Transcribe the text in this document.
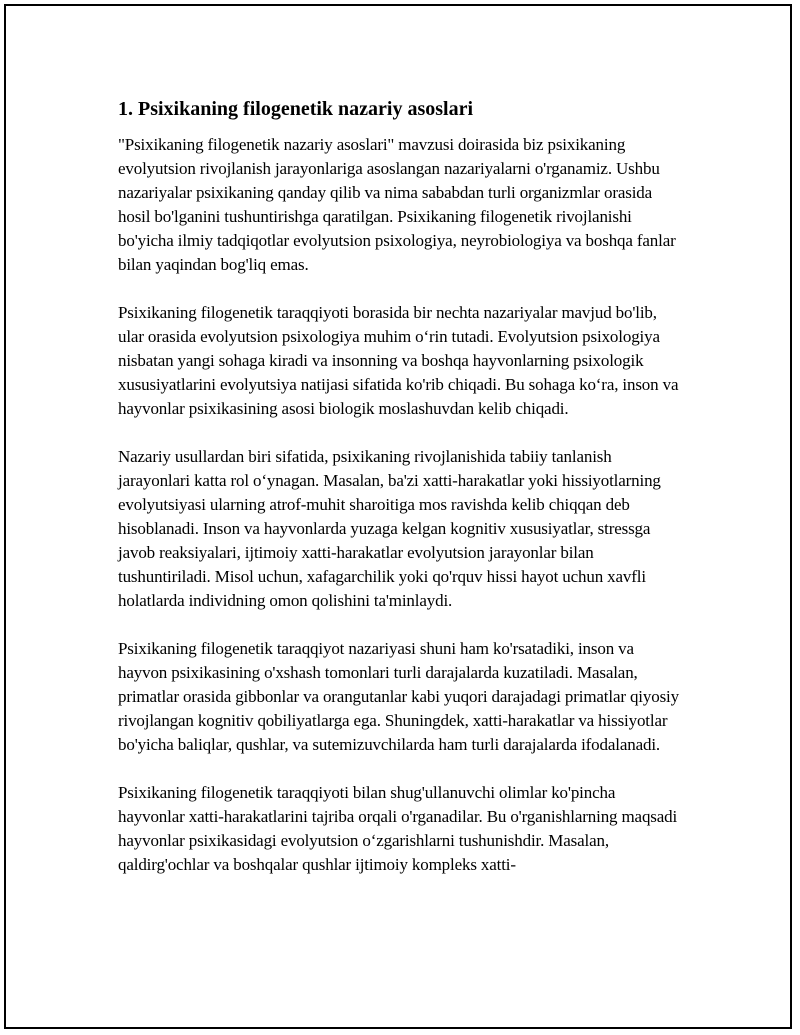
1. Psixikaning filogenetik nazariy asoslari

"Psixikaning filogenetik nazariy asoslari" mavzusi doirasida biz psixikaning evolyutsion rivojlanish jarayonlariga asoslangan nazariyalarni o'rganamiz. Ushbu nazariyalar psixikaning qanday qilib va nima sababdan turli organizmlar orasida hosil bo'lganini tushuntirishga qaratilgan. Psixikaning filogenetik rivojlanishi bo'yicha ilmiy tadqiqotlar evolyutsion psixologiya, neyrobiologiya va boshqa fanlar bilan yaqindan bog'liq emas.

Psixikaning filogenetik taraqqiyoti borasida bir nechta nazariyalar mavjud bo'lib, ular orasida evolyutsion psixologiya muhim o‘rin tutadi. Evolyutsion psixologiya nisbatan yangi sohaga kiradi va insonning va boshqa hayvonlarning psixologik xususiyatlarini evolyutsiya natijasi sifatida ko'rib chiqadi. Bu sohaga ko‘ra, inson va hayvonlar psixikasining asosi biologik moslashuvdan kelib chiqadi.

Nazariy usullardan biri sifatida, psixikaning rivojlanishida tabiiy tanlanish jarayonlari katta rol o‘ynagan. Masalan, ba'zi xatti-harakatlar yoki hissiyotlarning evolyutsiyasi ularning atrof-muhit sharoitiga mos ravishda kelib chiqqan deb hisoblanadi. Inson va hayvonlarda yuzaga kelgan kognitiv xususiyatlar, stressga javob reaksiyalari, ijtimoiy xatti-harakatlar evolyutsion jarayonlar bilan tushuntiriladi. Misol uchun, xafagarchilik yoki qo'rquv hissi hayot uchun xavfli holatlarda individning omon qolishini ta'minlaydi.

Psixikaning filogenetik taraqqiyot nazariyasi shuni ham ko'rsatadiki, inson va hayvon psixikasining o'xshash tomonlari turli darajalarda kuzatiladi. Masalan, primatlar orasida gibbonlar va orangutanlar kabi yuqori darajadagi primatlar qiyosiy rivojlangan kognitiv qobiliyatlarga ega. Shuningdek, xatti-harakatlar va hissiyotlar bo'yicha baliqlar, qushlar, va sutemizuvchilarda ham turli darajalarda ifodalanadi.

Psixikaning filogenetik taraqqiyoti bilan shug'ullanuvchi olimlar ko'pincha hayvonlar xatti-harakatlarini tajriba orqali o'rganadilar. Bu o'rganishlarning maqsadi hayvonlar psixikasidagi evolyutsion o‘zgarishlarni tushunishdir. Masalan, qaldirg'ochlar va boshqalar qushlar ijtimoiy kompleks xatti-
